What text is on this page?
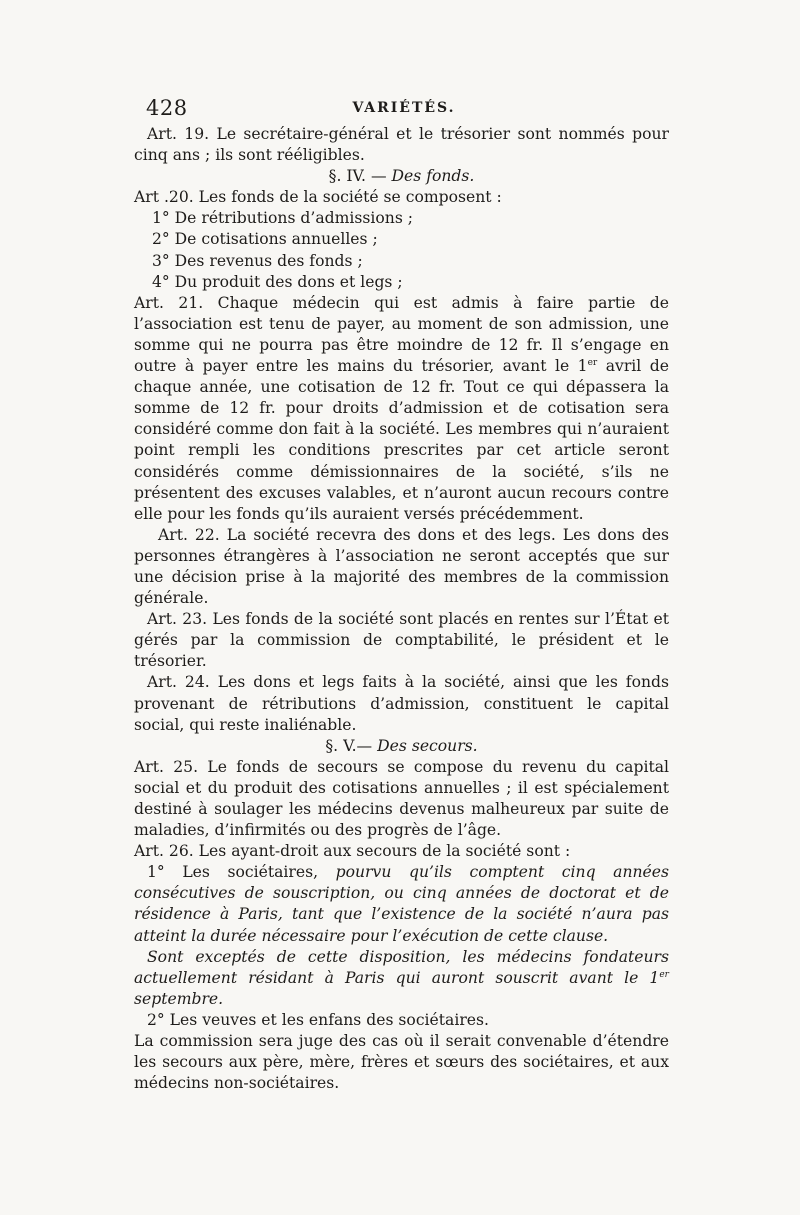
428	VARIÉTÉS.

Art. 19. Le secrétaire-général et le trésorier sont nommés pour cinq ans ; ils sont rééligibles.

§. IV. — Des fonds.

Art .20. Les fonds de la société se composent :

1° De rétributions d’admissions ;

2° De cotisations annuelles ;

3° Des revenus des fonds ;

4° Du produit des dons et legs ;

Art. 21. Chaque médecin qui est admis à faire partie de l’association est tenu de payer, au moment de son admission, une somme qui ne pourra pas être moindre de 12 fr. Il s’engage en outre à payer entre les mains du trésorier, avant le 1er avril de chaque année, une cotisation de 12 fr. Tout ce qui dépassera la somme de 12 fr. pour droits d’admission et de cotisation sera considéré comme don fait à la société. Les membres qui n’auraient point rempli les conditions prescrites par cet article seront considérés comme démissionnaires de la société, s’ils ne présentent des excuses valables, et n’auront aucun recours contre elle pour les fonds qu’ils auraient versés précédemment.

Art. 22. La société recevra des dons et des legs. Les dons des personnes étrangères à l’association ne seront acceptés que sur une décision prise à la majorité des membres de la commission générale.

Art. 23. Les fonds de la société sont placés en rentes sur l’État et gérés par la commission de comptabilité, le président et le trésorier.

Art. 24. Les dons et legs faits à la société, ainsi que les fonds provenant de rétributions d’admission, constituent le capital social, qui reste inaliénable.

§. V.— Des secours.

Art. 25. Le fonds de secours se compose du revenu du capital social et du produit des cotisations annuelles ; il est spécialement destiné à soulager les médecins devenus malheureux par suite de maladies, d’infirmités ou des progrès de l’âge.

Art. 26. Les ayant-droit aux secours de la société sont :

1° Les sociétaires, pourvu qu’ils comptent cinq années consécutives de souscription, ou cinq années de doctorat et de résidence à Paris, tant que l’existence de la société n’aura pas atteint la durée nécessaire pour l’exécution de cette clause.

Sont exceptés de cette disposition, les médecins fondateurs actuellement résidant à Paris qui auront souscrit avant le 1er septembre.

2° Les veuves et les enfans des sociétaires.

La commission sera juge des cas où il serait convenable d’étendre les secours aux père, mère, frères et sœurs des sociétaires, et aux médecins non-sociétaires.
